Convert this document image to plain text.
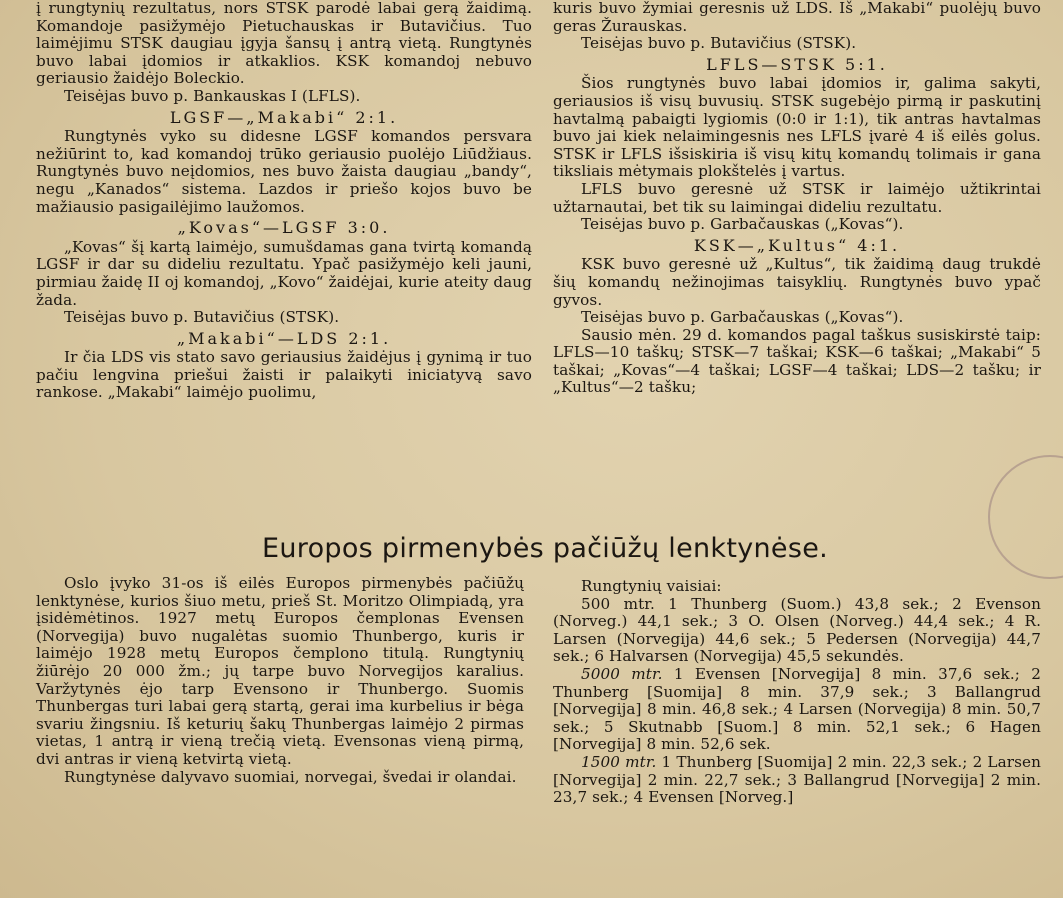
į rungtynių rezultatus, nors STSK parodė labai gerą žaidimą. Komandoje pasižymėjo Pietuchauskas ir Butavičius. Tuo laimėjimu STSK daugiau įgyja šansų į antrą vietą. Rungtynės buvo labai įdomios ir atkaklios. KSK komandoj nebuvo geriausio žaidėjo Boleckio.

Teisėjas buvo p. Bankauskas I (LFLS).

LGSF—„Makabi“ 2:1.

Rungtynės vyko su didesne LGSF komandos persvara nežiūrint to, kad komandoj trūko geriausio puolėjo Liūdžiaus. Rungtynės buvo neįdomios, nes buvo žaista daugiau „bandy“, negu „Kanados“ sistema. Lazdos ir priešo kojos buvo be mažiausio pasigailėjimo laužomos.

„Kovas“—LGSF 3:0.

„Kovas“ šį kartą laimėjo, sumušdamas gana tvirtą komandą LGSF ir dar su dideliu rezultatu. Ypač pasižymėjo keli jauni, pirmiau žaidę II oj komandoj, „Kovo“ žaidėjai, kurie ateity daug žada.

Teisėjas buvo p. Butavičius (STSK).

„Makabi“—LDS 2:1.

Ir čia LDS vis stato savo geriausius žaidėjus į gynimą ir tuo pačiu lengvina priešui žaisti ir palaikyti iniciatyvą savo rankose. „Makabi“ laimėjo puolimu,

kuris buvo žymiai geresnis už LDS. Iš „Makabi“ puolėjų buvo geras Žurauskas.

Teisėjas buvo p. Butavičius (STSK).

LFLS—STSK 5:1.

Šios rungtynės buvo labai įdomios ir, galima sakyti, geriausios iš visų buvusių. STSK sugebėjo pirmą ir paskutinį havtalmą pabaigti lygiomis (0:0 ir 1:1), tik antras havtalmas buvo jai kiek nelaimingesnis nes LFLS įvarė 4 iš eilės golus. STSK ir LFLS išsiskiria iš visų kitų komandų tolimais ir gana tiksliais mėtymais plokštelės į vartus.

LFLS buvo geresnė už STSK ir laimėjo užtikrintai užtarnautai, bet tik su laimingai dideliu rezultatu.

Teisėjas buvo p. Garbačauskas („Kovas“).

KSK—„Kultus“ 4:1.

KSK buvo geresnė už „Kultus“, tik žaidimą daug trukdė šių komandų nežinojimas taisyklių. Rungtynės buvo ypač gyvos.

Teisėjas buvo p. Garbačauskas („Kovas“).

Sausio mėn. 29 d. komandos pagal taškus susiskirstė taip: LFLS—10 taškų; STSK—7 taškai; KSK—6 taškai; „Makabi“ 5 taškai; „Kovas“—4 taškai; LGSF—4 taškai; LDS—2 tašku; ir „Kultus“—2 tašku;

Europos pirmenybės pačiūžų lenktynėse.

Oslo įvyko 31-os iš eilės Europos pirmenybės pačiūžų lenktynėse, kurios šiuo metu, prieš St. Moritzo Olimpiadą, yra įsidėmėtinos. 1927 metų Europos čemplonas Evensen (Norvegija) buvo nugalėtas suomio Thunbergo, kuris ir laimėjo 1928 metų Europos čemplono titulą. Rungtynių žiūrėjo 20 000 žm.; jų tarpe buvo Norvegijos karalius. Varžytynės ėjo tarp Evensono ir Thunbergo. Suomis Thunbergas turi labai gerą startą, gerai ima kurbelius ir bėga svariu žingsniu. Iš keturių šakų Thunbergas laimėjo 2 pirmas vietas, 1 antrą ir vieną trečią vietą. Evensonas vieną pirmą, dvi antras ir vieną ketvirtą vietą.

Rungtynėse dalyvavo suomiai, norvegai, švedai ir olandai.

Rungtynių vaisiai:

500 mtr. 1 Thunberg (Suom.) 43,8 sek.; 2 Evenson (Norveg.) 44,1 sek.; 3 O. Olsen (Norveg.) 44,4 sek.; 4 R. Larsen (Norvegija) 44,6 sek.; 5 Pedersen (Norvegija) 44,7 sek.; 6 Halvarsen (Norvegija) 45,5 sekundės.

5000 mtr. 1 Evensen [Norvegija] 8 min. 37,6 sek.; 2 Thunberg [Suomija] 8 min. 37,9 sek.; 3 Ballangrud [Norvegija] 8 min. 46,8 sek.; 4 Larsen (Norvegija) 8 min. 50,7 sek.; 5 Skutnabb [Suom.] 8 min. 52,1 sek.; 6 Hagen [Norvegija] 8 min. 52,6 sek.

1500 mtr. 1 Thunberg [Suomija] 2 min. 22,3 sek.; 2 Larsen [Norvegija] 2 min. 22,7 sek.; 3 Ballangrud [Norvegija] 2 min. 23,7 sek.; 4 Evensen [Norveg.]
